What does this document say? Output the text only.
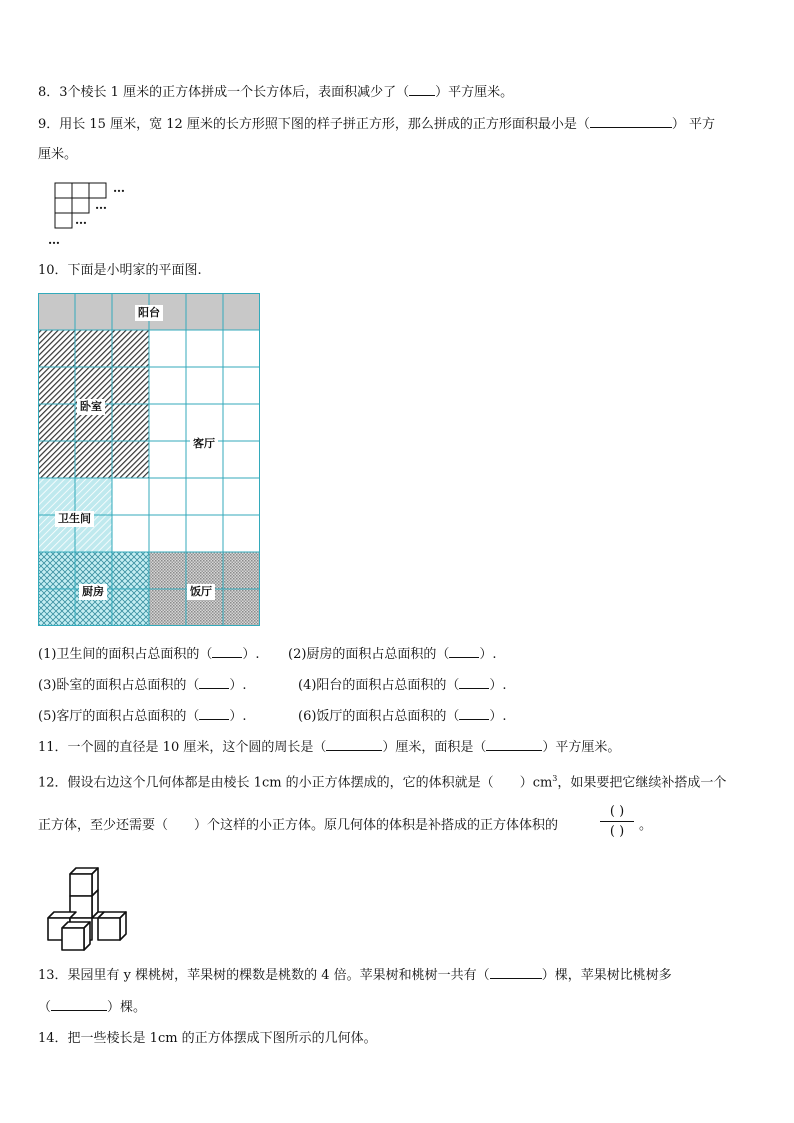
8．3个棱长 1 厘米的正方体拼成一个长方体后，表面积减少了（ ）平方厘米。
9．用长 15 厘米，宽 12 厘米的长方形照下图的样子拼正方形，那么拼成的正方形面积最小是（	） 平方
厘米。
…
…
…
…
10．下面是小明家的平面图.
阳台
卧室
客厅
卫生间
厨房	饭厅
(1)卫生间的面积占总面积的（ ）. (2)厨房的面积占总面积的（ ）.
(3)卧室的面积占总面积的（ ）.	(4)阳台的面积占总面积的（ ）.
(5)客厅的面积占总面积的（ ）.	(6)饭厅的面积占总面积的（ ）.
11．一个圆的直径是 10 厘米，这个圆的周长是（	）厘米，面积是（	）平方厘米。
12．假设右边这个几何体都是由棱长 1cm 的小正方体摆成的，它的体积就是（ ）$cm^3$，如果要把它继续补搭成一个
正方体，至少还需要（ ）个这样的小正方体。原几何体的体积是补搭成的正方体体积的
( )
( )	。
13．果园里有 y 棵桃树，苹果树的棵数是桃数的 4 倍。苹果树和桃树一共有（	）棵，苹果树比桃树多
（	）棵。
14．把一些棱长是 1cm 的正方体摆成下图所示的几何体。
